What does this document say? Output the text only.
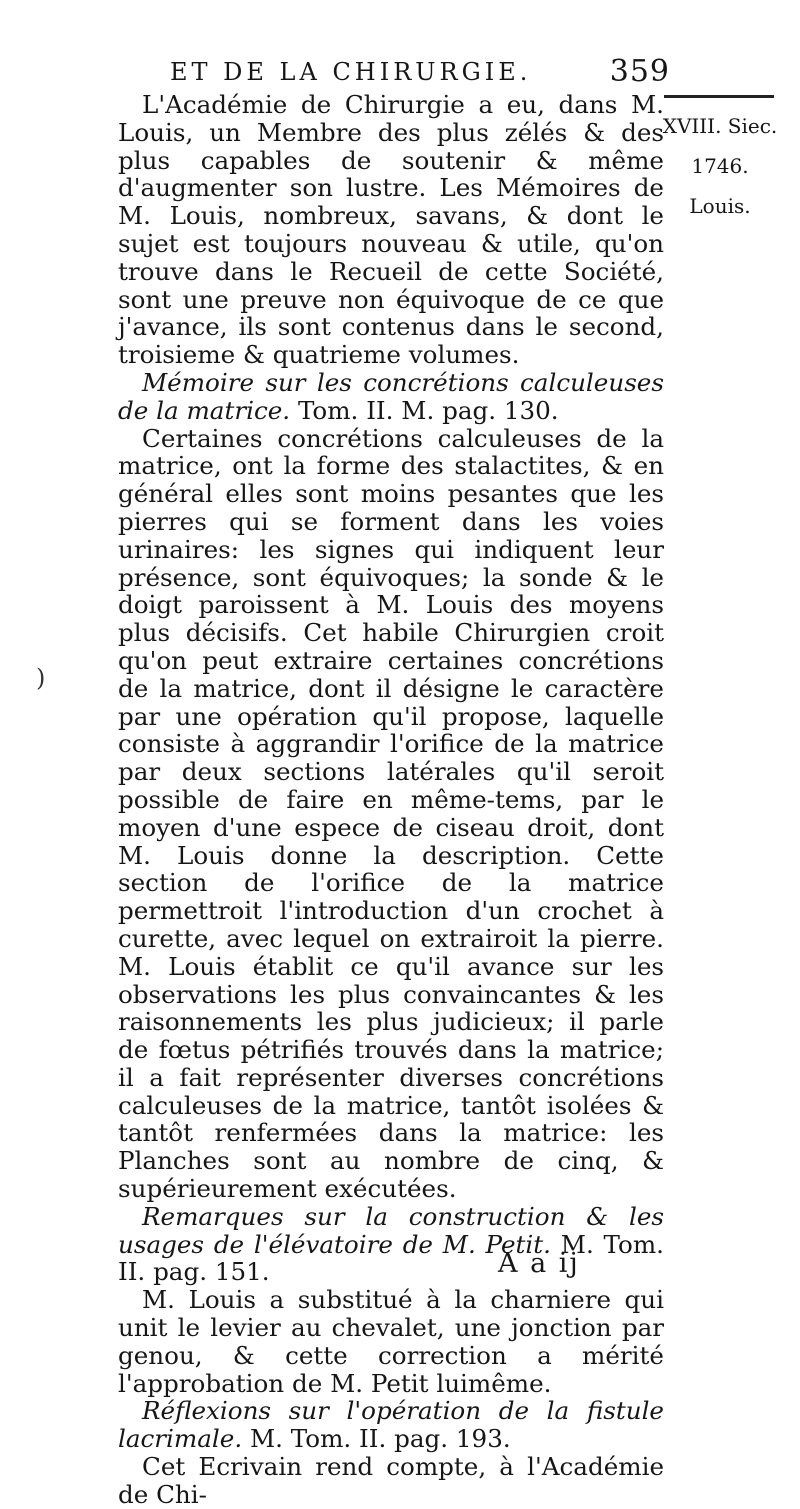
ET DE LA CHIRURGIE.	359
XVIII. Siec.
1746.
Louis.
)

L'Académie de Chirurgie a eu, dans M. Louis, un Membre des plus zélés & des plus capables de soutenir & même d'augmenter son lustre. Les Mémoires de M. Louis, nombreux, savans, & dont le sujet est toujours nouveau & utile, qu'on trouve dans le Recueil de cette Société, sont une preuve non équivoque de ce que j'avance, ils sont contenus dans le second, troisieme & quatrieme volumes.

Mémoire sur les concrétions calculeuses de la matrice. Tom. II. M. pag. 130.

Certaines concrétions calculeuses de la matrice, ont la forme des stalactites, & en général elles sont moins pesantes que les pierres qui se forment dans les voies urinaires: les signes qui indiquent leur présence, sont équivoques; la sonde & le doigt paroissent à M. Louis des moyens plus décisifs. Cet habile Chirurgien croit qu'on peut extraire certaines concrétions de la matrice, dont il désigne le caractère par une opération qu'il propose, laquelle consiste à aggrandir l'orifice de la matrice par deux sections latérales qu'il seroit possible de faire en même-tems, par le moyen d'une espece de ciseau droit, dont M. Louis donne la description. Cette section de l'orifice de la matrice permettroit l'introduction d'un crochet à curette, avec lequel on extrairoit la pierre. M. Louis établit ce qu'il avance sur les observations les plus convaincantes & les raisonnements les plus judicieux; il parle de fœtus pétrifiés trouvés dans la matrice; il a fait représenter diverses concrétions calculeuses de la matrice, tantôt isolées & tantôt renfermées dans la matrice: les Planches sont au nombre de cinq, & supérieurement exécutées.

Remarques sur la construction & les usages de l'élévatoire de M. Petit. M. Tom. II. pag. 151.

M. Louis a substitué à la charniere qui unit le levier au chevalet, une jonction par genou, & cette correction a mérité l'approbation de M. Petit luimême.

Réflexions sur l'opération de la fistule lacrimale. M. Tom. II. pag. 193.

Cet Ecrivain rend compte, à l'Académie de Chi-

A a ij
